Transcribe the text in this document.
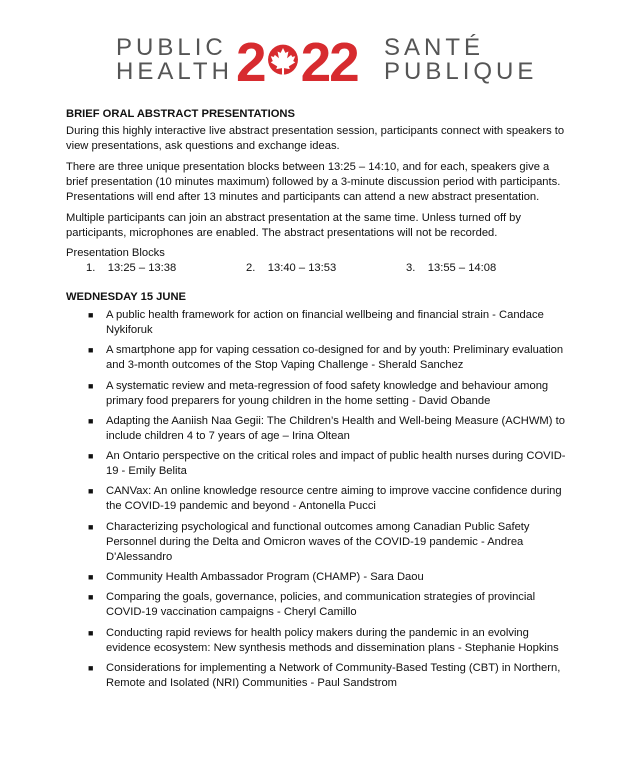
PUBLIC
HEALTH 2 22	SANTÉ
PUBLIQUE
BRIEF ORAL ABSTRACT PRESENTATIONS

During this highly interactive live abstract presentation session, participants connect with speakers to view presentations, ask questions and exchange ideas.

There are three unique presentation blocks between 13:25 – 14:10, and for each, speakers give a brief presentation (10 minutes maximum) followed by a 3-minute discussion period with participants. Presentations will end after 13 minutes and participants can attend a new abstract presentation.

Multiple participants can join an abstract presentation at the same time. Unless turned off by participants, microphones are enabled. The abstract presentations will not be recorded.

Presentation Blocks
1.    13:25 – 13:38	2.    13:40 – 13:53	3.    13:55 – 14:08
WEDNESDAY 15 JUNE
■ A public health framework for action on financial wellbeing and financial strain - Candace Nykiforuk
■ A smartphone app for vaping cessation co-designed for and by youth: Preliminary evaluation and 3-month outcomes of the Stop Vaping Challenge - Sherald Sanchez
■ A systematic review and meta-regression of food safety knowledge and behaviour among primary food preparers for young children in the home setting - David Obande
■ Adapting the Aaniish Naa Gegii: The Children’s Health and Well-being Measure (ACHWM) to include children 4 to 7 years of age – Irina Oltean
■ An Ontario perspective on the critical roles and impact of public health nurses during COVID-19 - Emily Belita
■ CANVax: An online knowledge resource centre aiming to improve vaccine confidence during the COVID-19 pandemic and beyond - Antonella Pucci
■ Characterizing psychological and functional outcomes among Canadian Public Safety Personnel during the Delta and Omicron waves of the COVID-19 pandemic - Andrea D'Alessandro
■ Community Health Ambassador Program (CHAMP) - Sara Daou
■ Comparing the goals, governance, policies, and communication strategies of provincial COVID-19 vaccination campaigns - Cheryl Camillo
■ Conducting rapid reviews for health policy makers during the pandemic in an evolving evidence ecosystem: New synthesis methods and dissemination plans - Stephanie Hopkins
■ Considerations for implementing a Network of Community-Based Testing (CBT) in Northern, Remote and Isolated (NRI) Communities - Paul Sandstrom
